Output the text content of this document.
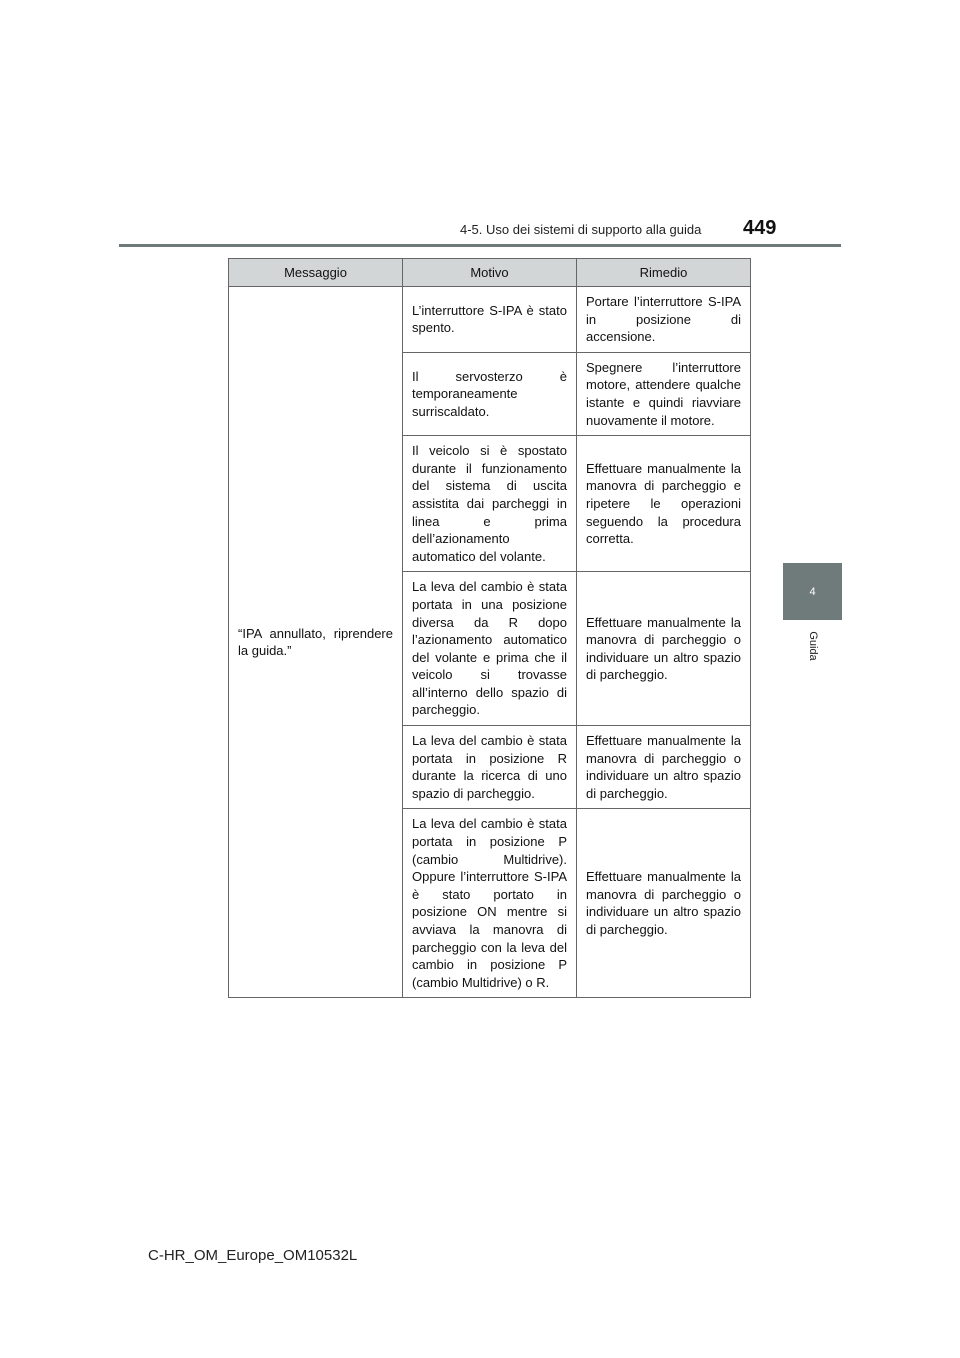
4-5. Uso dei sistemi di supporto alla guida 449
4
Guida
Messaggio	Motivo	Rimedio
“IPA annullato, riprendere la guida.”	L’interruttore S-IPA è stato spento.	Portare l’interruttore S-IPA in posizione di accensione.
	Il servosterzo è temporaneamente surriscaldato.	Spegnere l’interruttore motore, attendere qualche istante e quindi riavviare nuovamente il motore.
	Il veicolo si è spostato durante il funzionamento del sistema di uscita assistita dai parcheggi in linea e prima dell’azionamento automatico del volante.	Effettuare manualmente la manovra di parcheggio e ripetere le operazioni seguendo la procedura corretta.
	La leva del cambio è stata portata in una posizione diversa da R dopo l’azionamento automatico del volante e prima che il veicolo si trovasse all’interno dello spazio di parcheggio.	Effettuare manualmente la manovra di parcheggio o individuare un altro spazio di parcheggio.
	La leva del cambio è stata portata in posizione R durante la ricerca di uno spazio di parcheggio.	Effettuare manualmente la manovra di parcheggio o individuare un altro spazio di parcheggio.
	La leva del cambio è stata portata in posizione P (cambio Multidrive). Oppure l’interruttore S-IPA è stato portato in posizione ON mentre si avviava la manovra di parcheggio con la leva del cambio in posizione P (cambio Multidrive) o R.	Effettuare manualmente la manovra di parcheggio o individuare un altro spazio di parcheggio.
C-HR_OM_Europe_OM10532L
